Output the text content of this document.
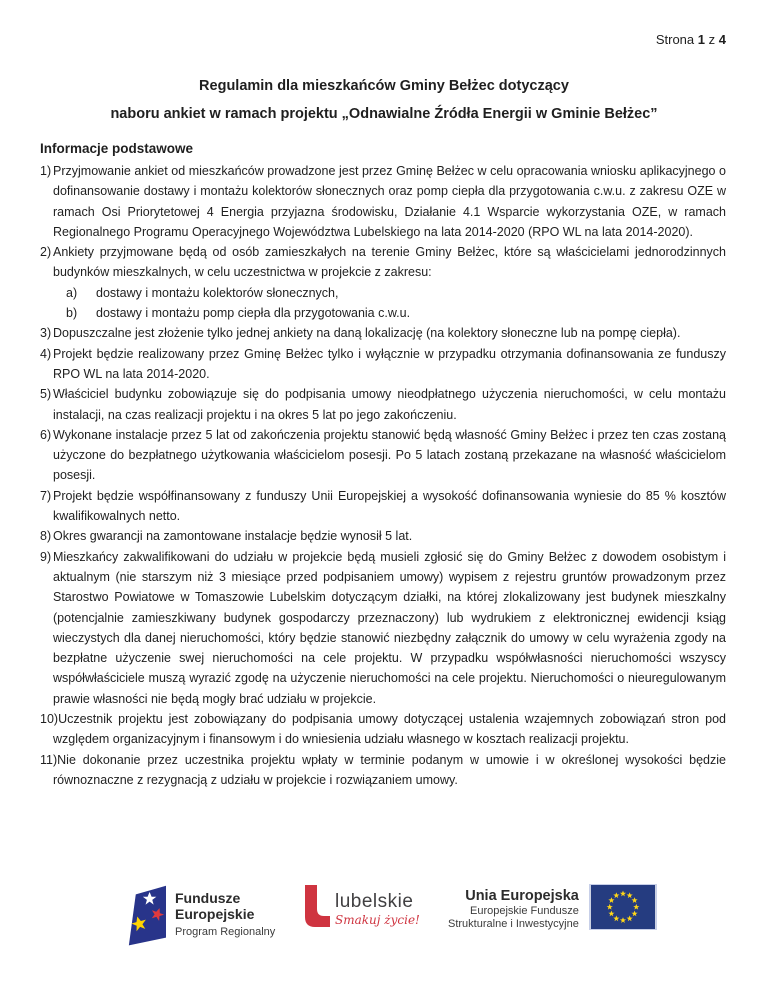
Strona 1 z 4
Regulamin dla mieszkańców Gminy Bełżec dotyczący
naboru ankiet w ramach projektu „Odnawialne Źródła Energii w Gminie Bełżec”
Informacje podstawowe
1) Przyjmowanie ankiet od mieszkańców prowadzone jest przez Gminę Bełżec w celu opracowania wniosku aplikacyjnego o dofinansowanie dostawy i montażu kolektorów słonecznych oraz pomp ciepła dla przygotowania c.w.u. z zakresu OZE w ramach Osi Priorytetowej 4 Energia przyjazna środowisku, Działanie 4.1 Wsparcie wykorzystania OZE, w ramach Regionalnego Programu Operacyjnego Województwa Lubelskiego na lata 2014-2020 (RPO WL na lata 2014-2020).
2) Ankiety przyjmowane będą od osób zamieszkałych na terenie Gminy Bełżec, które są właścicielami jednorodzinnych budynków mieszkalnych, w celu uczestnictwa w projekcie z zakresu:
a) dostawy i montażu kolektorów słonecznych,
b) dostawy i montażu pomp ciepła dla przygotowania c.w.u.
3) Dopuszczalne jest złożenie tylko jednej ankiety na daną lokalizację (na kolektory słoneczne lub na pompę ciepła).
4) Projekt będzie realizowany przez Gminę Bełżec tylko i wyłącznie w przypadku otrzymania dofinansowania ze funduszy RPO WL na lata 2014-2020.
5) Właściciel budynku zobowiązuje się do podpisania umowy nieodpłatnego użyczenia nieruchomości, w celu montażu instalacji, na czas realizacji projektu i na okres 5 lat po jego zakończeniu.
6) Wykonane instalacje przez 5 lat od zakończenia projektu stanowić będą własność Gminy Bełżec i przez ten czas zostaną użyczone do bezpłatnego użytkowania właścicielom posesji. Po 5 latach zostaną przekazane na własność właścicielom posesji.
7) Projekt będzie współfinansowany z funduszy Unii Europejskiej a wysokość dofinansowania wyniesie do 85 % kosztów kwalifikowalnych netto.
8) Okres gwarancji na zamontowane instalacje będzie wynosił 5 lat.
9) Mieszkańcy zakwalifikowani do udziału w projekcie będą musieli zgłosić się do Gminy Bełżec z dowodem osobistym i aktualnym (nie starszym niż 3 miesiące przed podpisaniem umowy) wypisem z rejestru gruntów prowadzonym przez Starostwo Powiatowe w Tomaszowie Lubelskim dotyczącym działki, na której zlokalizowany jest budynek mieszkalny (potencjalnie zamieszkiwany budynek gospodarczy przeznaczony) lub wydrukiem z elektronicznej ewidencji ksiąg wieczystych dla danej nieruchomości, który będzie stanowić niezbędny załącznik do umowy w celu wyrażenia zgody na bezpłatne użyczenie swej nieruchomości na cele projektu. W przypadku współwłasności nieruchomości wszyscy współwłaściciele muszą wyrazić zgodę na użyczenie nieruchomości na cele projektu. Nieruchomości o nieuregulowanym prawie własności nie będą mogły brać udziału w projekcie.
10)Uczestnik projektu jest zobowiązany do podpisania umowy dotyczącej ustalenia wzajemnych zobowiązań stron pod względem organizacyjnym i finansowym i do wniesienia udziału własnego w kosztach realizacji projektu.
11)Nie dokonanie przez uczestnika projektu wpłaty w terminie podanym w umowie i w określonej wysokości będzie równoznaczne z rezygnacją z udziału w projekcie i rozwiązaniem umowy.
Fundusze
Europejskie
Program Regionalny
lubelskie
Smakuj życie!
Unia Europejska
Europejskie Fundusze
Strukturalne i Inwestycyjne
